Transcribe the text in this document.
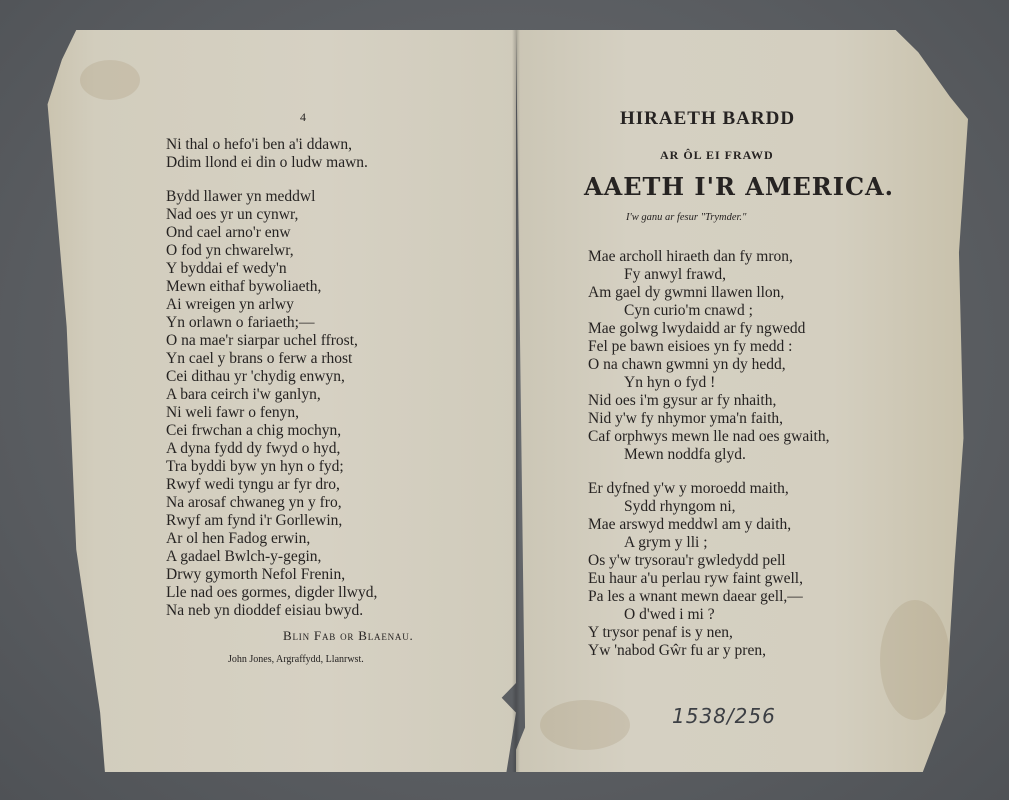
4
Ni thal o hefo'i ben a'i ddawn,
Ddim llond ei din o ludw mawn.
Bydd llawer yn meddwl
Nad oes yr un cynwr,
Ond cael arno'r enw
O fod yn chwarelwr,
Y byddai ef wedy'n
Mewn eithaf bywoliaeth,
Ai wreigen yn arlwy
Yn orlawn o fariaeth;—
O na mae'r siarpar uchel ffrost,
Yn cael y brans o ferw a rhost
Cei dithau yr 'chydig enwyn,
A bara ceirch i'w ganlyn,
Ni weli fawr o fenyn,
Cei frwchan a chig mochyn,
A dyna fydd dy fwyd o hyd,
Tra byddi byw yn hyn o fyd;
Rwyf wedi tyngu ar fyr dro,
Na arosaf chwaneg yn y fro,
Rwyf am fynd i'r Gorllewin,
Ar ol hen Fadog erwin,
A gadael Bwlch-y-gegin,
Drwy gymorth Nefol Frenin,
Lle nad oes gormes, digder llwyd,
Na neb yn dioddef eisiau bwyd.
Blin Fab or Blaenau.
John Jones, Argraffydd, Llanrwst.
HIRAETH BARDD
AR ÔL EI FRAWD
AAETH I'R AMERICA.
I'w ganu ar fesur "Trymder."
Mae archoll hiraeth dan fy mron,
Fy anwyl frawd,
Am gael dy gwmni llawen llon,
Cyn curio'm cnawd ;
Mae golwg lwydaidd ar fy ngwedd
Fel pe bawn eisioes yn fy medd :
O na chawn gwmni yn dy hedd,
Yn hyn o fyd !
Nid oes i'm gysur ar fy nhaith,
Nid y'w fy nhymor yma'n faith,
Caf orphwys mewn lle nad oes gwaith,
Mewn noddfa glyd.
Er dyfned y'w y moroedd maith,
Sydd rhyngom ni,
Mae arswyd meddwl am y daith,
A grym y lli ;
Os y'w trysorau'r gwledydd pell
Eu haur a'u perlau ryw faint gwell,
Pa les a wnant mewn daear gell,—
O d'wed i mi ?
Y trysor penaf is y nen,
Yw 'nabod Gŵr fu ar y pren,
1538/256
